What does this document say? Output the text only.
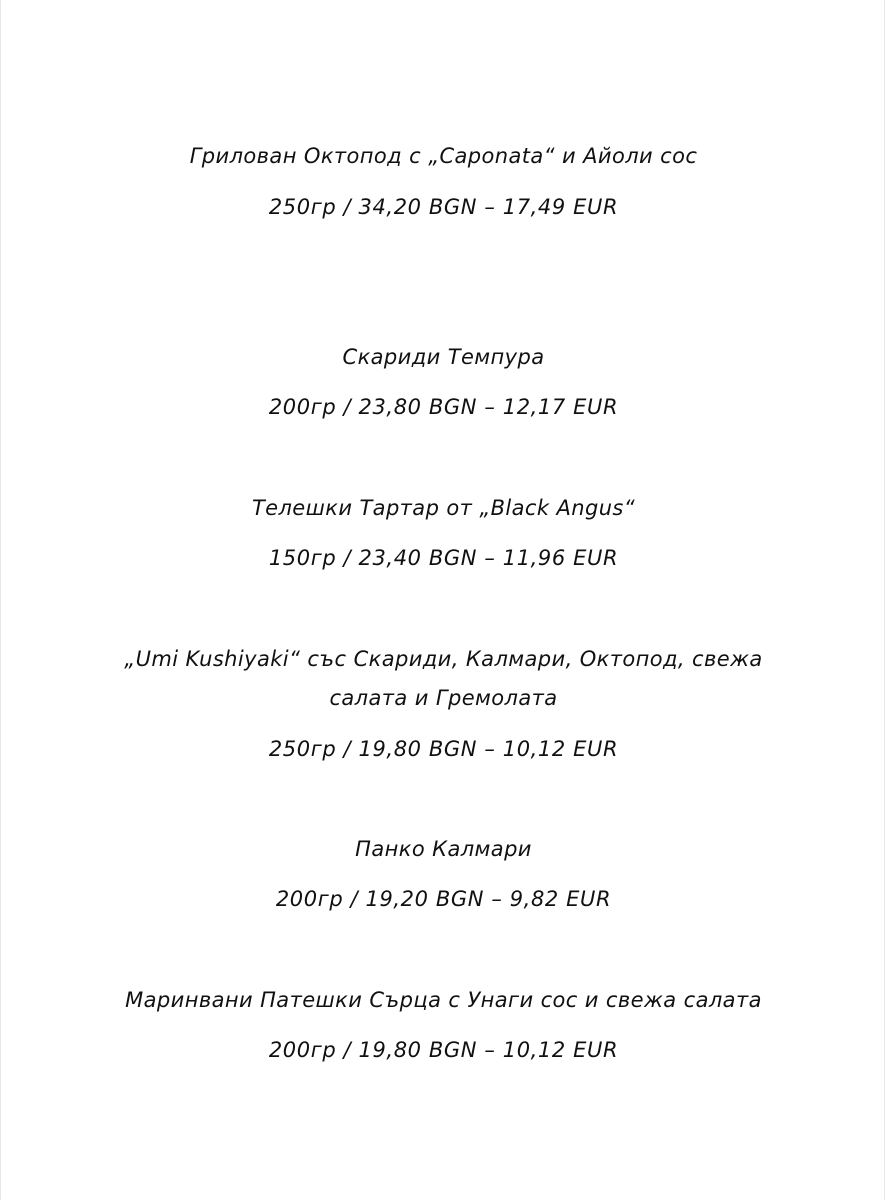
Грилован Октопод с „Caponata“ и Айоли сос
250гр / 34,20 BGN – 17,49 EUR
Скариди Темпура
200гр / 23,80 BGN – 12,17 EUR
Телешки Тартар от „Black Angus“
150гр / 23,40 BGN – 11,96 EUR
„Umi Kushiyaki“ със Скариди, Калмари, Октопод, свежа
салата и Гремолата
250гр / 19,80 BGN – 10,12 EUR
Панко Калмари
200гр / 19,20 BGN – 9,82 EUR
Маринвани Патешки Сърца с Унаги сос и свежа салата
200гр / 19,80 BGN – 10,12 EUR
